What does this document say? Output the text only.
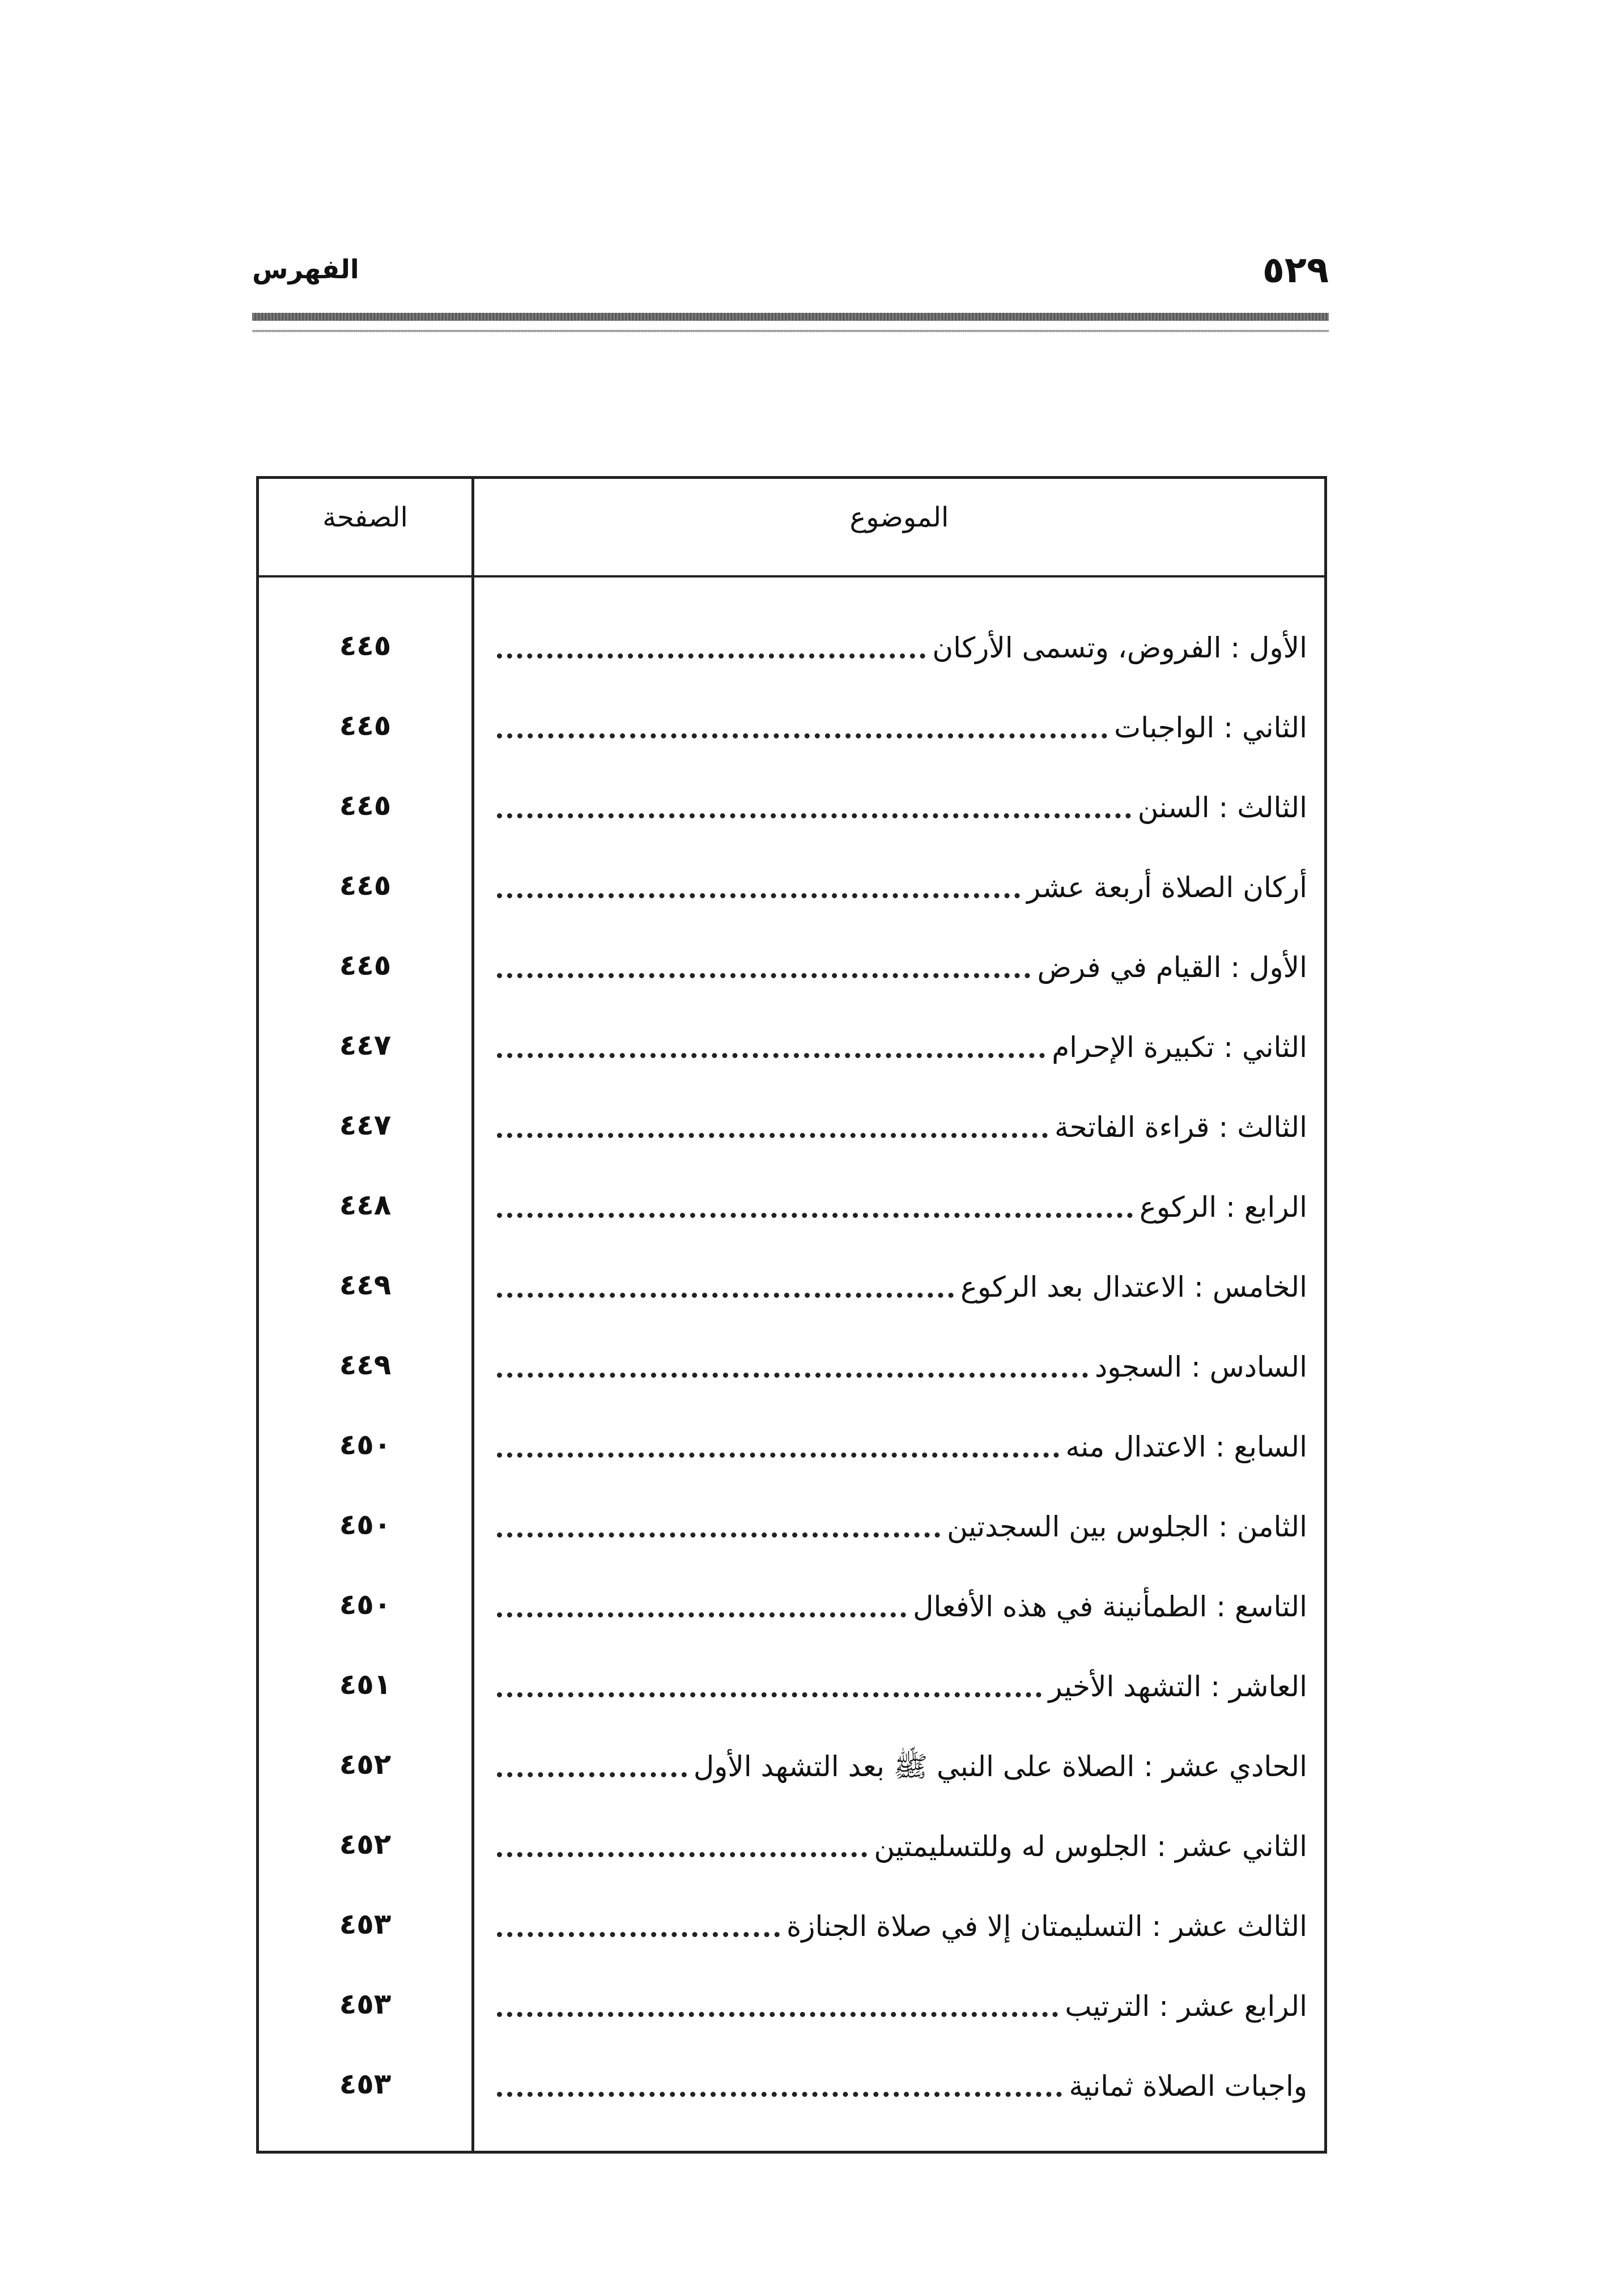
٥٢٩
الفهرس
الموضوع
الصفحة
الأول : الفروض، وتسمى الأركان
٤٤٥
الثاني : الواجبات
٤٤٥
الثالث : السنن
٤٤٥
أركان الصلاة أربعة عشر
٤٤٥
الأول : القيام في فرض
٤٤٥
الثاني : تكبيرة الإحرام
٤٤٧
الثالث : قراءة الفاتحة
٤٤٧
الرابع : الركوع
٤٤٨
الخامس : الاعتدال بعد الركوع
٤٤٩
السادس : السجود
٤٤٩
السابع : الاعتدال منه
٤٥٠
الثامن : الجلوس بين السجدتين
٤٥٠
التاسع : الطمأنينة في هذه الأفعال
٤٥٠
العاشر : التشهد الأخير
٤٥١
الحادي عشر : الصلاة على النبي ﷺ بعد التشهد الأول
٤٥٢
الثاني عشر : الجلوس له وللتسليمتين
٤٥٢
الثالث عشر : التسليمتان إلا في صلاة الجنازة
٤٥٣
الرابع عشر : الترتيب
٤٥٣
واجبات الصلاة ثمانية
٤٥٣
